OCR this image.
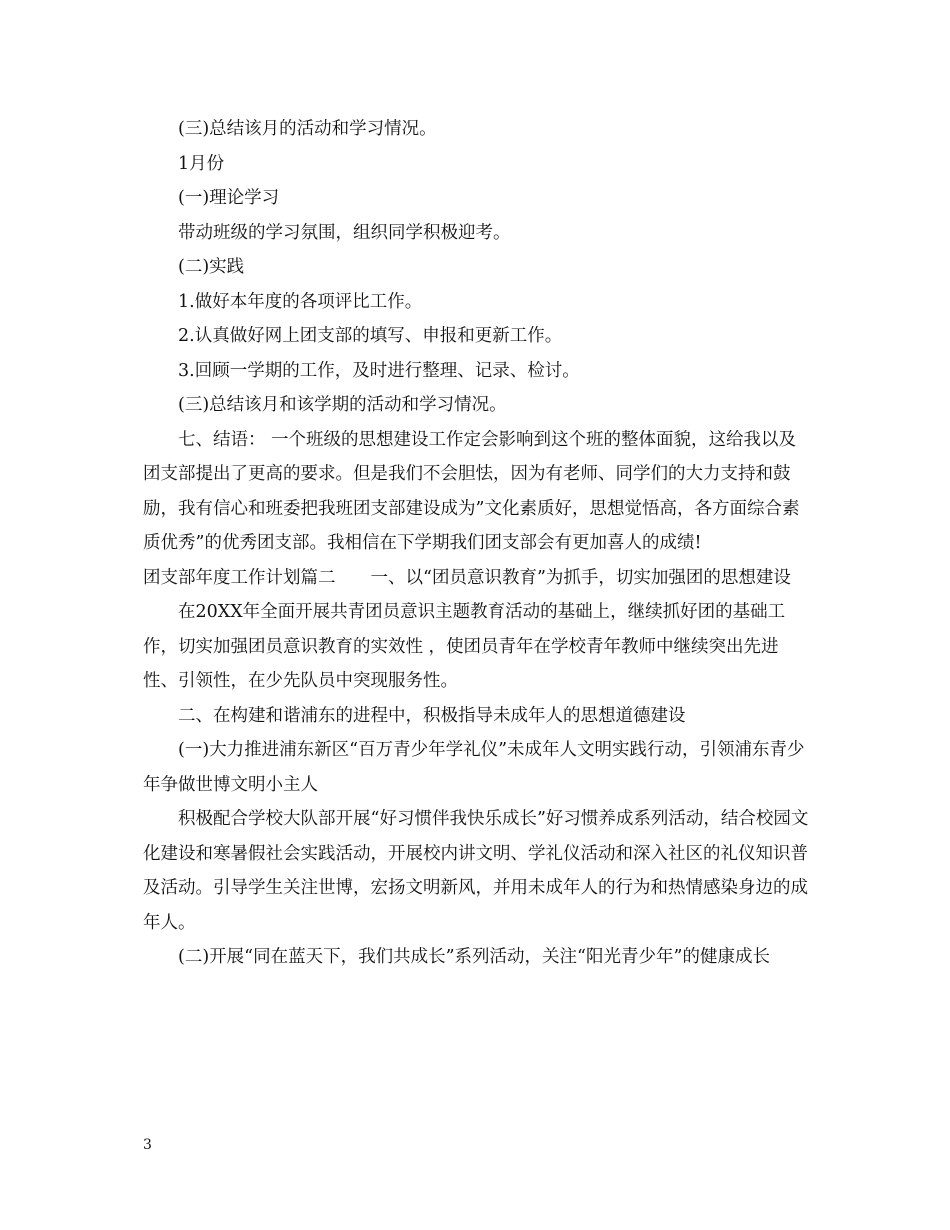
(三)总结该月的活动和学习情况。

1月份

(一)理论学习

带动班级的学习氛围，组织同学积极迎考。

(二)实践

1.做好本年度的各项评比工作。

2.认真做好网上团支部的填写、申报和更新工作。

3.回顾一学期的工作，及时进行整理、记录、检讨。

(三)总结该月和该学期的活动和学习情况。

七、结语： 一个班级的思想建设工作定会影响到这个班的整体面貌，这给我以及团支部提出了更高的要求。但是我们不会胆怯，因为有老师、同学们的大力支持和鼓励，我有信心和班委把我班团支部建设成为”文化素质好，思想觉悟高，各方面综合素质优秀”的优秀团支部。我相信在下学期我们团支部会有更加喜人的成绩!

团支部年度工作计划篇二　　一、以“团员意识教育”为抓手，切实加强团的思想建设

在20XX年全面开展共青团员意识主题教育活动的基础上，继续抓好团的基础工作，切实加强团员意识教育的实效性 ，使团员青年在学校青年教师中继续突出先进性、引领性，在少先队员中突现服务性。

二、在构建和谐浦东的进程中，积极指导未成年人的思想道德建设

(一)大力推进浦东新区“百万青少年学礼仪”未成年人文明实践行动，引领浦东青少年争做世博文明小主人

积极配合学校大队部开展“好习惯伴我快乐成长”好习惯养成系列活动，结合校园文化建设和寒暑假社会实践活动，开展校内讲文明、学礼仪活动和深入社区的礼仪知识普及活动。引导学生关注世博，宏扬文明新风，并用未成年人的行为和热情感染身边的成年人。

(二)开展“同在蓝天下，我们共成长”系列活动，关注“阳光青少年”的健康成长

3
